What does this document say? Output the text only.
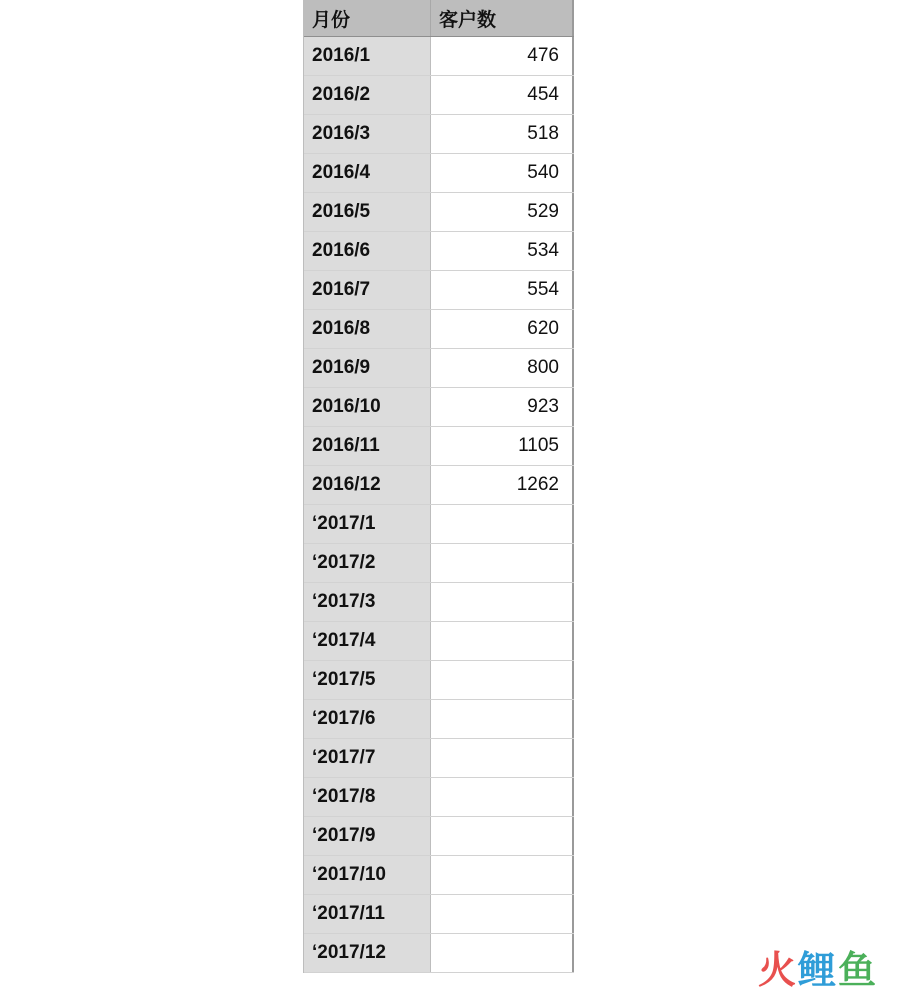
月份	客户数
2016/1	476
2016/2	454
2016/3	518
2016/4	540
2016/5	529
2016/6	534
2016/7	554
2016/8	620
2016/9	800
2016/10	923
2016/11	1105
2016/12	1262
‘2017/1
‘2017/2
‘2017/3
‘2017/4
‘2017/5
‘2017/6
‘2017/7
‘2017/8
‘2017/9
‘2017/10
‘2017/11
‘2017/12	火鲤鱼
